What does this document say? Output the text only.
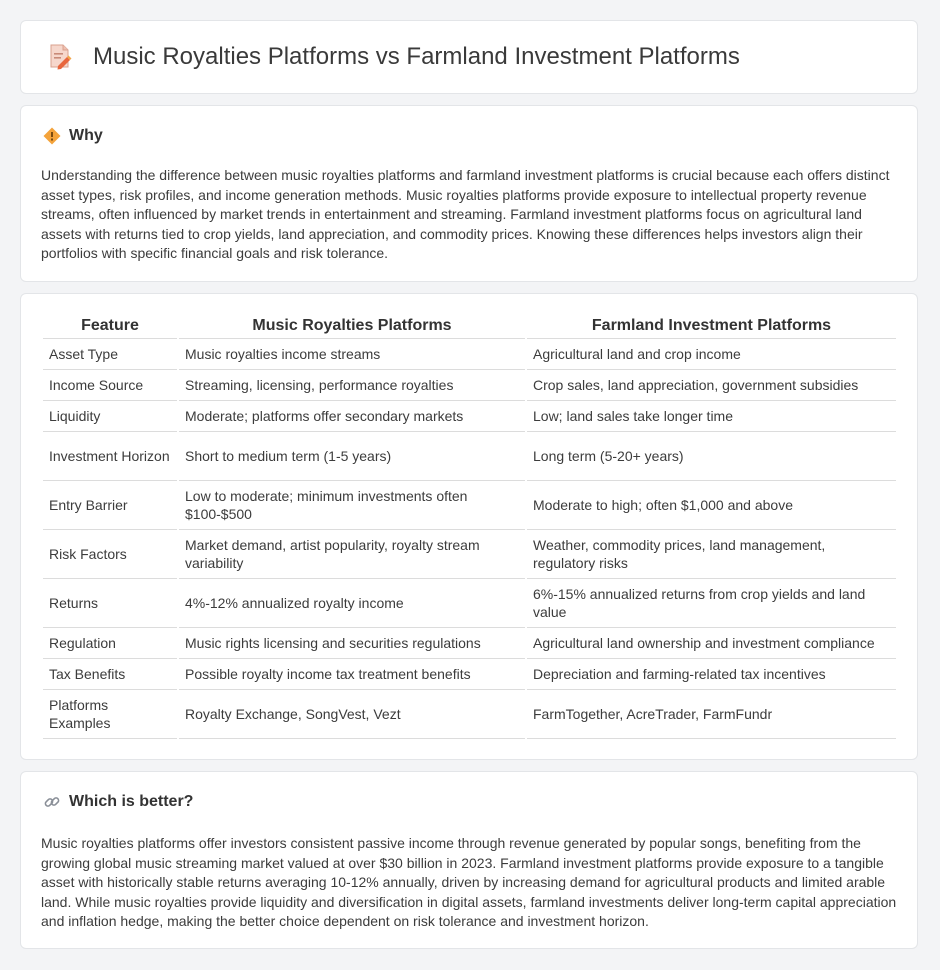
Music Royalties Platforms vs Farmland Investment Platforms
Why
Understanding the difference between music royalties platforms and farmland investment platforms is crucial because each offers distinct asset types, risk profiles, and income generation methods. Music royalties platforms provide exposure to intellectual property revenue streams, often influenced by market trends in entertainment and streaming. Farmland investment platforms focus on agricultural land assets with returns tied to crop yields, land appreciation, and commodity prices. Knowing these differences helps investors align their portfolios with specific financial goals and risk tolerance.
Feature	Music Royalties Platforms	Farmland Investment Platforms
Asset Type	Music royalties income streams	Agricultural land and crop income
Income Source	Streaming, licensing, performance royalties	Crop sales, land appreciation, government subsidies
Liquidity	Moderate; platforms offer secondary markets	Low; land sales take longer time
Investment Horizon	Short to medium term (1-5 years)	Long term (5-20+ years)
Entry Barrier	Low to moderate; minimum investments often $100-$500	Moderate to high; often $1,000 and above
Risk Factors	Market demand, artist popularity, royalty stream variability	Weather, commodity prices, land management, regulatory risks
Returns	4%-12% annualized royalty income	6%-15% annualized returns from crop yields and land value
Regulation	Music rights licensing and securities regulations	Agricultural land ownership and investment compliance
Tax Benefits	Possible royalty income tax treatment benefits	Depreciation and farming-related tax incentives
Platforms Examples	Royalty Exchange, SongVest, Vezt	FarmTogether, AcreTrader, FarmFundr
Which is better?
Music royalties platforms offer investors consistent passive income through revenue generated by popular songs, benefiting from the growing global music streaming market valued at over $30 billion in 2023. Farmland investment platforms provide exposure to a tangible asset with historically stable returns averaging 10-12% annually, driven by increasing demand for agricultural products and limited arable land. While music royalties provide liquidity and diversification in digital assets, farmland investments deliver long-term capital appreciation and inflation hedge, making the better choice dependent on risk tolerance and investment horizon.
